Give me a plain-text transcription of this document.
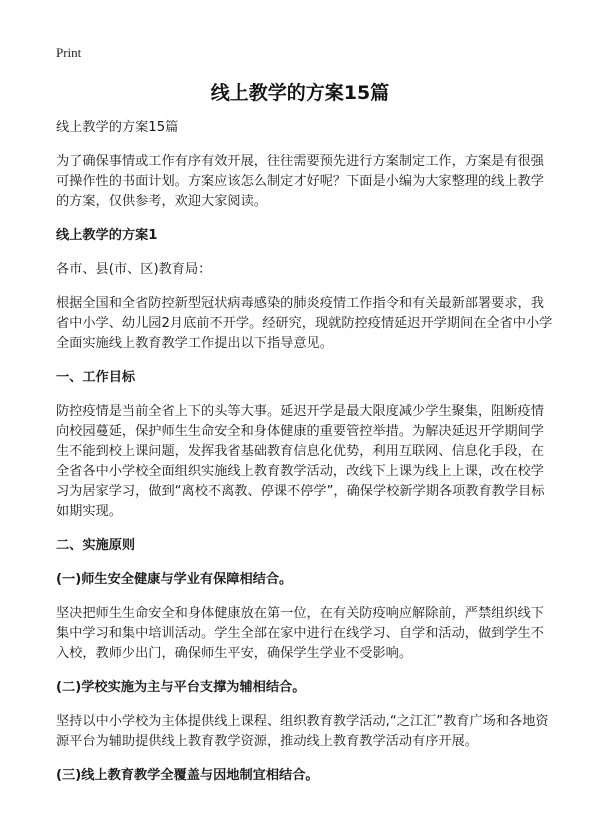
Print
线上教学的方案15篇

线上教学的方案15篇

为了确保事情或工作有序有效开展，往往需要预先进行方案制定工作，方案是有很强可操作性的书面计划。方案应该怎么制定才好呢？下面是小编为大家整理的线上教学的方案，仅供参考，欢迎大家阅读。

线上教学的方案1

各市、县(市、区)教育局：

根据全国和全省防控新型冠状病毒感染的肺炎疫情工作指令和有关最新部署要求，我省中小学、幼儿园2月底前不开学。经研究，现就防控疫情延迟开学期间在全省中小学全面实施线上教育教学工作提出以下指导意见。

一、工作目标

防控疫情是当前全省上下的头等大事。延迟开学是最大限度减少学生聚集，阻断疫情向校园蔓延，保护师生生命安全和身体健康的重要管控举措。为解决延迟开学期间学生不能到校上课问题，发挥我省基础教育信息化优势，利用互联网、信息化手段，在全省各中小学校全面组织实施线上教育教学活动，改线下上课为线上上课，改在校学习为居家学习，做到“离校不离教、停课不停学”，确保学校新学期各项教育教学目标如期实现。

二、实施原则

(一)师生安全健康与学业有保障相结合。

坚决把师生生命安全和身体健康放在第一位，在有关防疫响应解除前，严禁组织线下集中学习和集中培训活动。学生全部在家中进行在线学习、自学和活动，做到学生不入校，教师少出门，确保师生平安，确保学生学业不受影响。

(二)学校实施为主与平台支撑为辅相结合。

坚持以中小学校为主体提供线上课程、组织教育教学活动,“之江汇”教育广场和各地资源平台为辅助提供线上教育教学资源，推动线上教育教学活动有序开展。

(三)线上教育教学全覆盖与因地制宜相结合。
